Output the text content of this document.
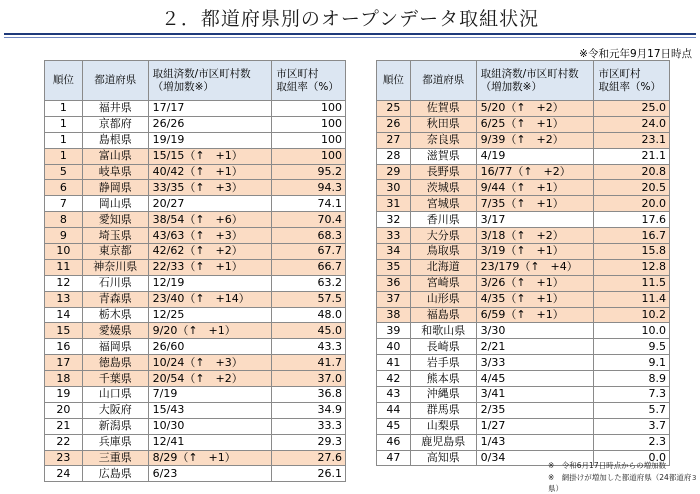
２．都道府県別のオープンデータ取組状況
※令和元年9月17日時点
順位	都道府県	取組済数/市区町村数
（増加数※）	市区町村
取組率（%）
1	福井県	17/17	100
1	京都府	26/26	100
1	島根県	19/19	100
1	富山県	15/15（↑　+1）	100
5	岐阜県	40/42（↑　+1）	95.2
6	静岡県	33/35（↑　+3）	94.3
7	岡山県	20/27	74.1
8	愛知県	38/54（↑　+6）	70.4
9	埼玉県	43/63（↑　+3）	68.3
10	東京都	42/62（↑　+2）	67.7
11	神奈川県	22/33（↑　+1）	66.7
12	石川県	12/19	63.2
13	青森県	23/40（↑　+14）	57.5
14	栃木県	12/25	48.0
15	愛媛県	9/20（↑　+1）	45.0
16	福岡県	26/60	43.3
17	徳島県	10/24（↑　+3）	41.7
18	千葉県	20/54（↑　+2）	37.0
19	山口県	7/19	36.8
20	大阪府	15/43	34.9
21	新潟県	10/30	33.3
22	兵庫県	12/41	29.3
23	三重県	8/29（↑　+1）	27.6
24	広島県	6/23	26.1
順位	都道府県	取組済数/市区町村数
（増加数※）	市区町村
取組率（%）
25	佐賀県	5/20（↑　+2）	25.0
26	秋田県	6/25（↑　+1）	24.0
27	奈良県	9/39（↑　+2）	23.1
28	滋賀県	4/19	21.1
29	長野県	16/77（↑　+2）	20.8
30	茨城県	9/44（↑　+1）	20.5
31	宮城県	7/35（↑　+1）	20.0
32	香川県	3/17	17.6
33	大分県	3/18（↑　+2）	16.7
34	鳥取県	3/19（↑　+1）	15.8
35	北海道	23/179（↑　+4）	12.8
36	宮崎県	3/26（↑　+1）	11.5
37	山形県	4/35（↑　+1）	11.4
38	福島県	6/59（↑　+1）	10.2
39	和歌山県	3/30	10.0
40	長崎県	2/21	9.5
41	岩手県	3/33	9.1
42	熊本県	4/45	8.9
43	沖縄県	3/41	7.3
44	群馬県	2/35	5.7
45	山梨県	1/27	3.7
46	鹿児島県	1/43	2.3
47	高知県	0/34	0.0
※　令和6月17日時点からの増加数
※　網掛けが増加した都道府県（24都道府県）
3
